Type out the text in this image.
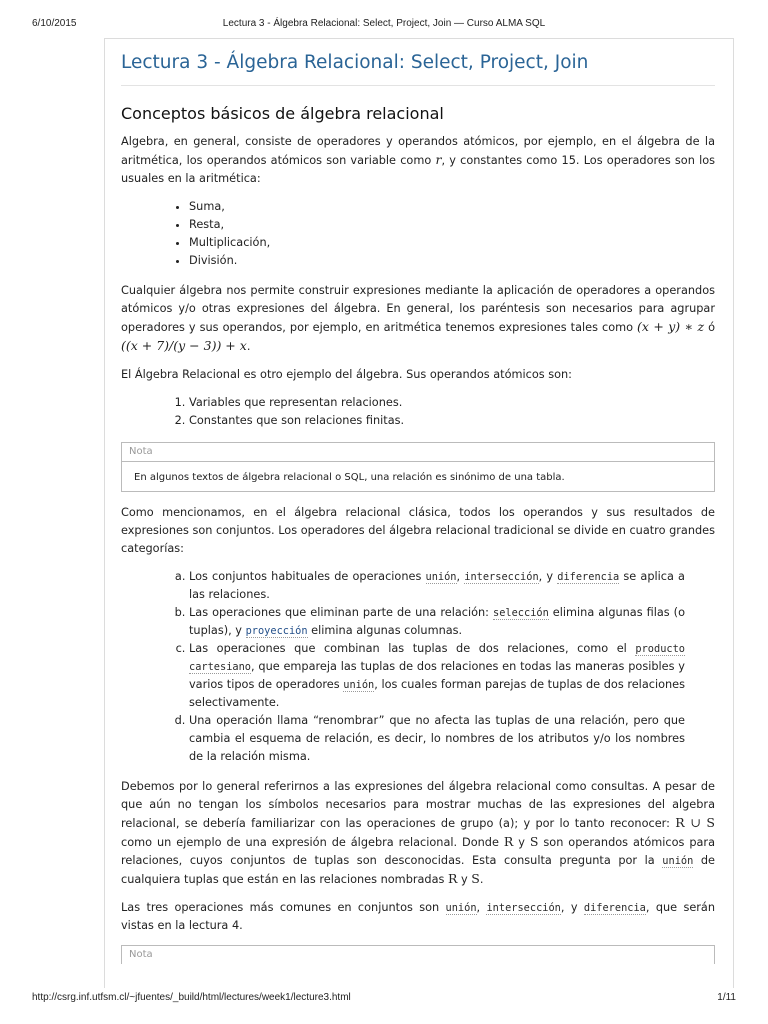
6/10/2015	Lectura 3 - Álgebra Relacional: Select, Project, Join — Curso ALMA SQL
Lectura 3 - Álgebra Relacional: Select, Project, Join
Conceptos básicos de álgebra relacional

Algebra, en general, consiste de operadores y operandos atómicos, por ejemplo, en el álgebra de la aritmética, los operandos atómicos son variable como r, y constantes como 15. Los operadores son los usuales en la aritmética:

• Suma,
• Resta,
• Multiplicación,
• División.

Cualquier álgebra nos permite construir expresiones mediante la aplicación de operadores a operandos atómicos y/o otras expresiones del álgebra. En general, los paréntesis son necesarios para agrupar operadores y sus operandos, por ejemplo, en aritmética tenemos expresiones tales como (x + y) ∗ z ó ((x + 7)/(y − 3)) + x.

El Álgebra Relacional es otro ejemplo del álgebra. Sus operandos atómicos son:

1. Variables que representan relaciones.
2. Constantes que son relaciones finitas.
Nota
En algunos textos de álgebra relacional o SQL, una relación es sinónimo de una tabla.

Como mencionamos, en el álgebra relacional clásica, todos los operandos y sus resultados de expresiones son conjuntos. Los operadores del álgebra relacional tradicional se divide en cuatro grandes categorías:

a. Los conjuntos habituales de operaciones unión, intersección, y diferencia se aplica a las relaciones.
b. Las operaciones que eliminan parte de una relación: selección elimina algunas filas (o tuplas), y proyección elimina algunas columnas.
c. Las operaciones que combinan las tuplas de dos relaciones, como el producto cartesiano, que empareja las tuplas de dos relaciones en todas las maneras posibles y varios tipos de operadores unión, los cuales forman parejas de tuplas de dos relaciones selectivamente.
d. Una operación llama “renombrar” que no afecta las tuplas de una relación, pero que cambia el esquema de relación, es decir, lo nombres de los atributos y/o los nombres de la relación misma.

Debemos por lo general referirnos a las expresiones del álgebra relacional como consultas. A pesar de que aún no tengan los símbolos necesarios para mostrar muchas de las expresiones del algebra relacional, se debería familiarizar con las operaciones de grupo (a); y por lo tanto reconocer: R ∪ S como un ejemplo de una expresión de álgebra relacional. Donde R y S son operandos atómicos para relaciones, cuyos conjuntos de tuplas son desconocidas. Esta consulta pregunta por la unión de cualquiera tuplas que están en las relaciones nombradas R y S.

Las tres operaciones más comunes en conjuntos son unión, intersección, y diferencia, que serán vistas en la lectura 4.

Nota
http://csrg.inf.utfsm.cl/~jfuentes/_build/html/lectures/week1/lecture3.html	1/11
